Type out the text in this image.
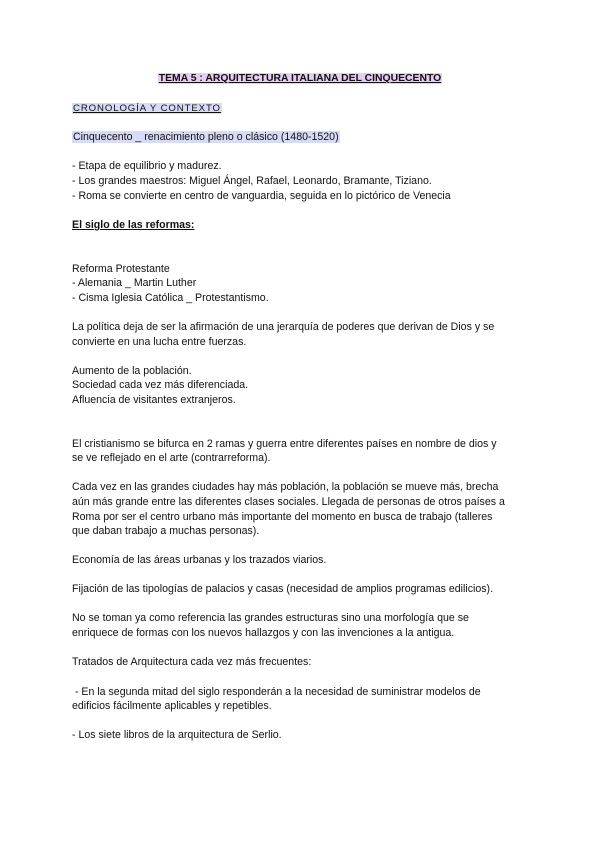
TEMA 5 : ARQUITECTURA ITALIANA DEL CINQUECENTO
CRONOLOGÍA Y CONTEXTO
Cinquecento _ renacimiento pleno o clásico (1480-1520)
- Etapa de equilibrio y madurez.
- Los grandes maestros: Miguel Ángel, Rafael, Leonardo, Bramante, Tiziano.
- Roma se convierte en centro de vanguardia, seguida en lo pictórico de Venecia
El siglo de las reformas:
Reforma Protestante
- Alemania _ Martin Luther
- Cisma Iglesia Católica _ Protestantismo.
La política deja de ser la afirmación de una jerarquía de poderes que derivan de Dios y se
convierte en una lucha entre fuerzas.
Aumento de la población.
Sociedad cada vez más diferenciada.
Afluencia de visitantes extranjeros.
El cristianismo se bifurca en 2 ramas y guerra entre diferentes países en nombre de dios y
se ve reflejado en el arte (contrarreforma).
Cada vez en las grandes ciudades hay más población, la población se mueve más, brecha
aún más grande entre las diferentes clases sociales. Llegada de personas de otros países a
Roma por ser el centro urbano más importante del momento en busca de trabajo (talleres
que daban trabajo a muchas personas).
Economía de las áreas urbanas y los trazados viarios.
Fijación de las tipologías de palacios y casas (necesidad de amplios programas edilicios).
No se toman ya como referencia las grandes estructuras sino una morfología que se
enriquece de formas con los nuevos hallazgos y con las invenciones a la antigua.
Tratados de Arquitectura cada vez más frecuentes:
- En la segunda mitad del siglo responderán a la necesidad de suministrar modelos de
edificios fácilmente aplicables y repetibles.
- Los siete libros de la arquitectura de Serlio.
